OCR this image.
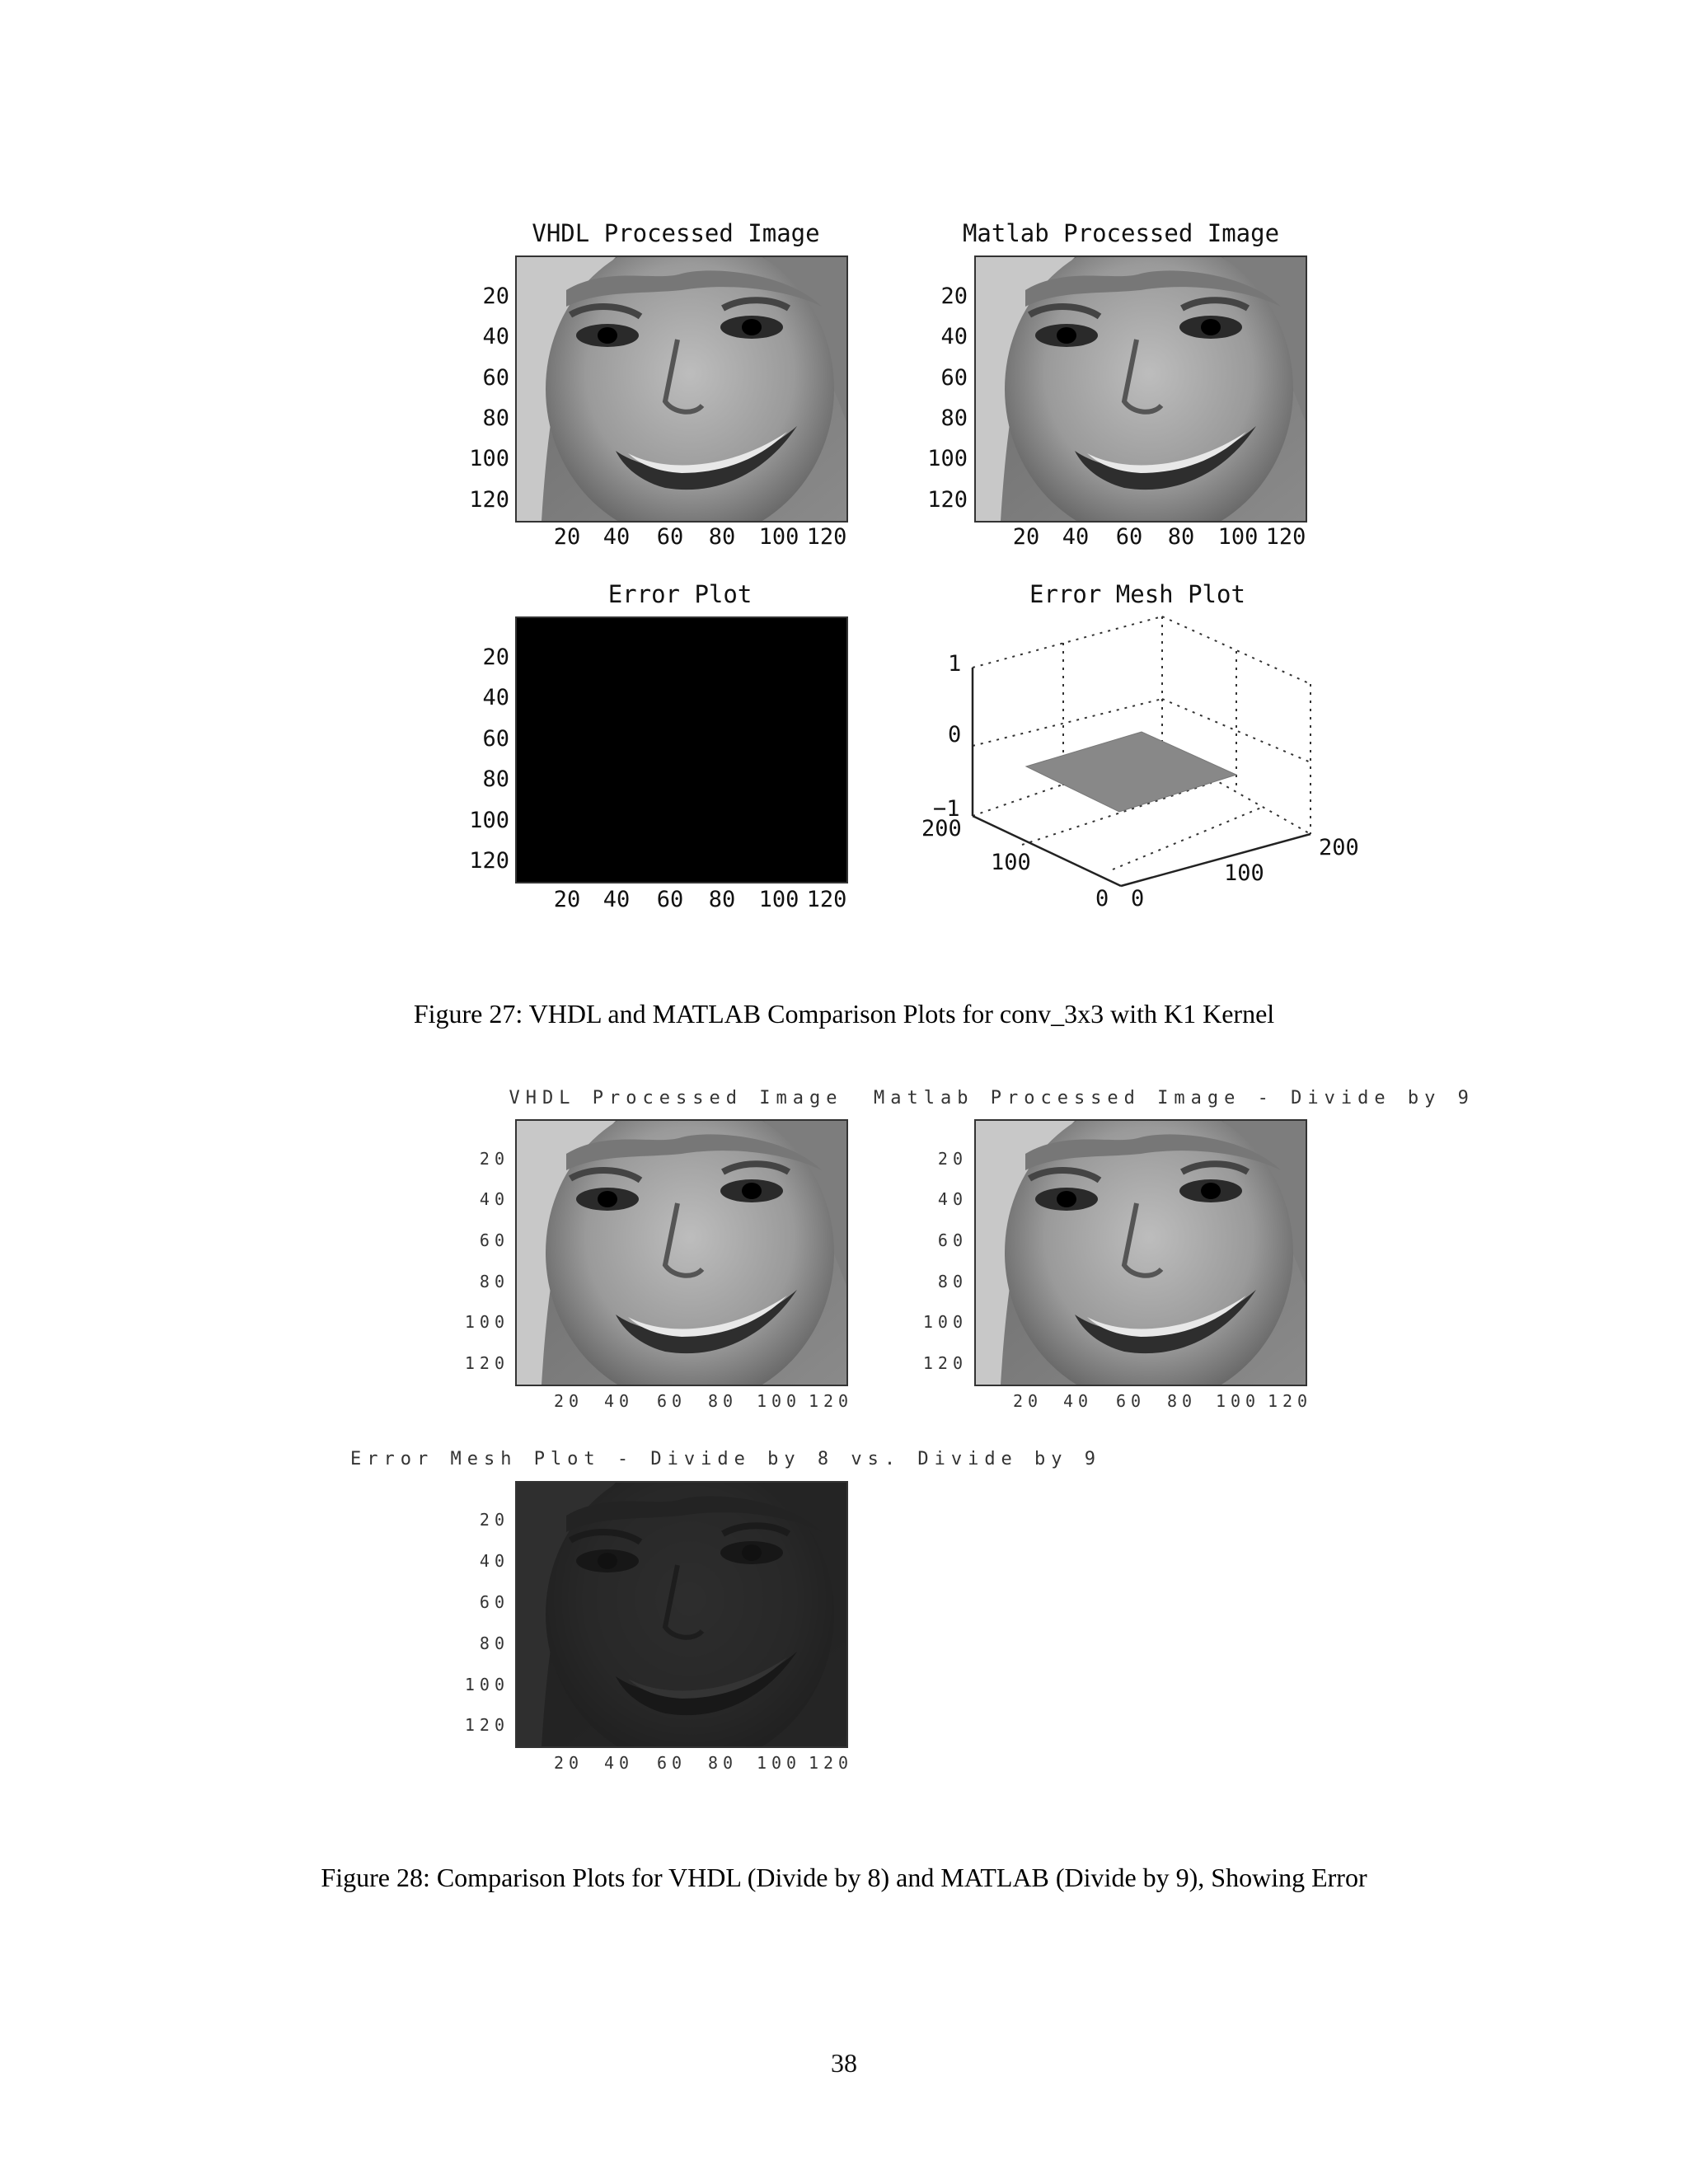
VHDL Processed Image
20
40
60
80
100
120
20	40	60	80	100 120
Matlab Processed Image
20
40
60
80
100
120
20	40	60	80	100 120
Error Plot
20
40
60
80
100
120
20	40	60	80	100 120
Error Mesh Plot
1
0
−1
200
100
0 0
100
200
Figure 27: VHDL and MATLAB Comparison Plots for conv_3x3 with K1 Kernel
VHDL Processed Image
20
40
60
80
100
120
20	40	60	80	100 120
Matlab Processed Image - Divide by 9
20
40
60
80
100
120
20	40	60	80	100 120
Error Mesh Plot - Divide by 8 vs. Divide by 9
20
40
60
80
100
120
20	40	60	80	100 120
Figure 28: Comparison Plots for VHDL (Divide by 8) and MATLAB (Divide by 9), Showing Error
38
